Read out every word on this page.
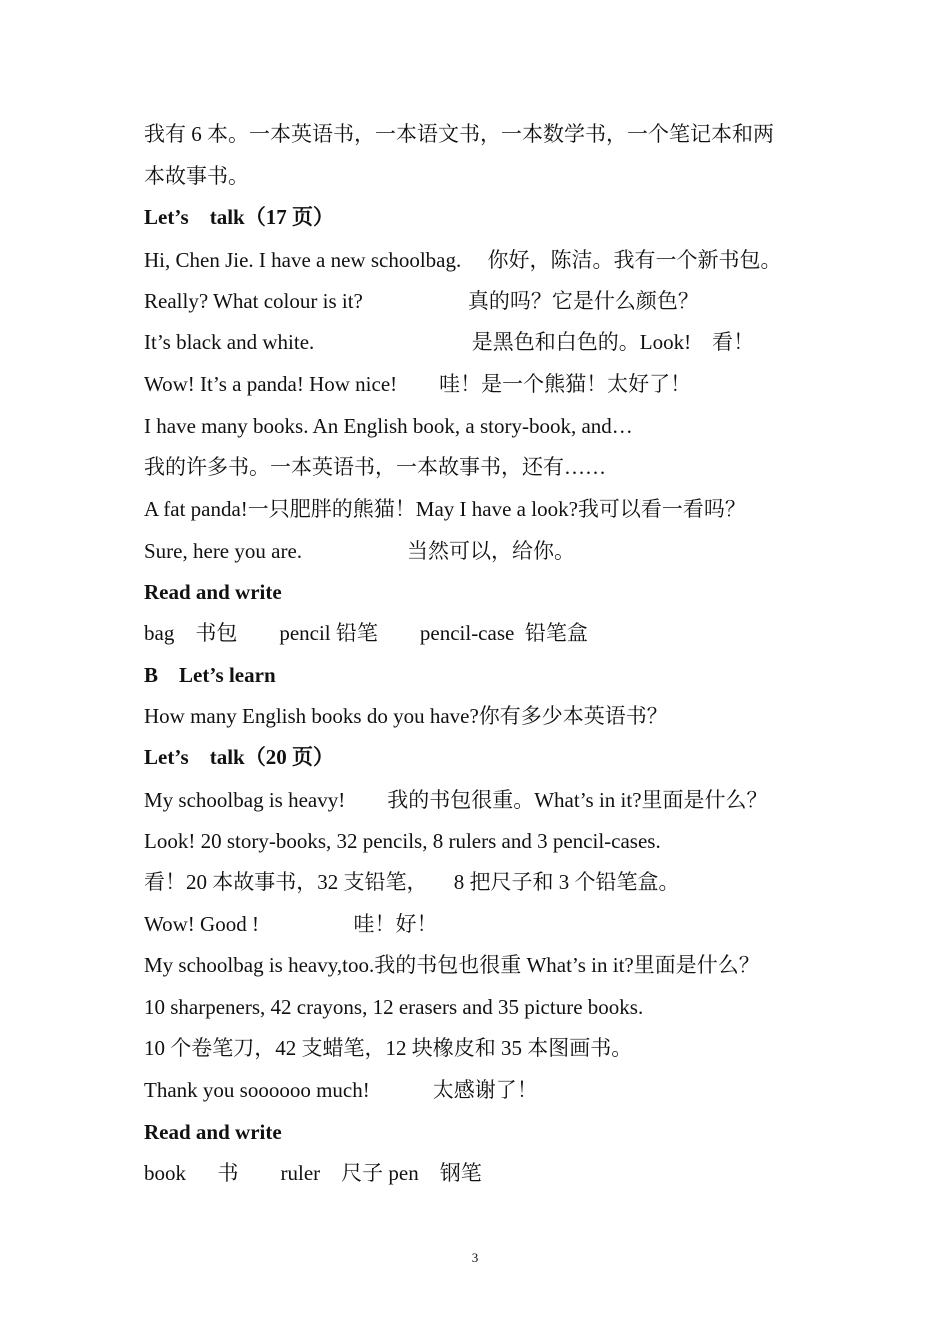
我有 6 本。一本英语书，一本语文书，一本数学书，一个笔记本和两
本故事书。
Let’s    talk（17 页）
Hi, Chen Jie. I have a new schoolbag.     你好，陈洁。我有一个新书包。
Really? What colour is it?                    真的吗？它是什么颜色？
It’s black and white.                              是黑色和白色的。Look!    看！
Wow! It’s a panda! How nice!        哇！是一个熊猫！太好了！
I have many books. An English book, a story-book, and…
我的许多书。一本英语书，一本故事书，还有……
A fat panda!一只肥胖的熊猫！May I have a look?我可以看一看吗？
Sure, here you are.                    当然可以，给你。
Read and write
bag    书包        pencil 铅笔        pencil-case  铅笔盒
B    Let’s learn
How many English books do you have?你有多少本英语书？
Let’s    talk（20 页）
My schoolbag is heavy!        我的书包很重。What’s in it?里面是什么？
Look! 20 story-books, 32 pencils, 8 rulers and 3 pencil-cases.
看！20 本故事书，32 支铅笔，     8 把尺子和 3 个铅笔盒。
Wow! Good !                  哇！好！
My schoolbag is heavy,too.我的书包也很重 What’s in it?里面是什么？
10 sharpeners, 42 crayons, 12 erasers and 35 picture books.
10 个卷笔刀，42 支蜡笔，12 块橡皮和 35 本图画书。
Thank you soooooo much!            太感谢了！
Read and write
book      书        ruler    尺子 pen    钢笔
3
